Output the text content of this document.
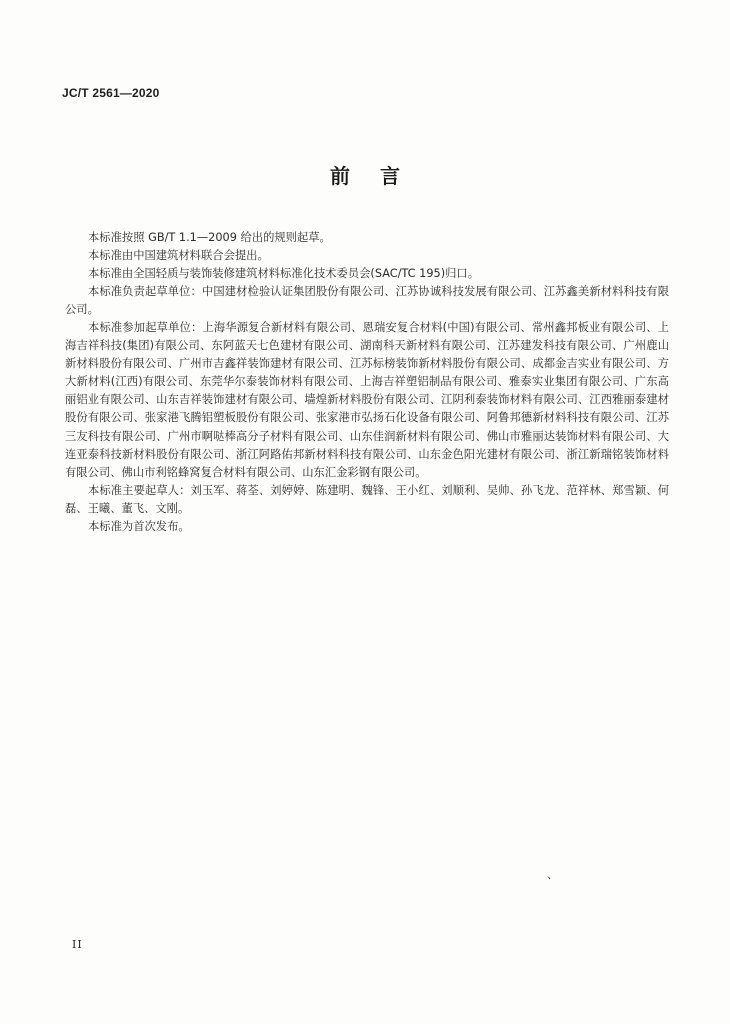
JC/T 2561—2020
前言

本标准按照 GB/T 1.1—2009 给出的规则起草。

本标准由中国建筑材料联合会提出。

本标准由全国轻质与装饰装修建筑材料标准化技术委员会(SAC/TC 195)归口。

本标准负责起草单位：中国建材检验认证集团股份有限公司、江苏协诚科技发展有限公司、江苏鑫美新材料科技有限公司。

本标准参加起草单位：上海华源复合新材料有限公司、恩瑞安复合材料(中国)有限公司、常州鑫邦板业有限公司、上海吉祥科技(集团)有限公司、东阿蓝天七色建材有限公司、湖南科天新材料有限公司、江苏建发科技有限公司、广州鹿山新材料股份有限公司、广州市吉鑫祥装饰建材有限公司、江苏标榜装饰新材料股份有限公司、成都金吉实业有限公司、方大新材料(江西)有限公司、东莞华尔泰装饰材料有限公司、上海吉祥塑铝制品有限公司、雅泰实业集团有限公司、广东高丽铝业有限公司、山东吉祥装饰建材有限公司、墙煌新材料股份有限公司、江阴利泰装饰材料有限公司、江西雅丽泰建材股份有限公司、张家港飞腾铝塑板股份有限公司、张家港市弘扬石化设备有限公司、阿鲁邦德新材料科技有限公司、江苏三友科技有限公司、广州市啊哒棒高分子材料有限公司、山东佳润新材料有限公司、佛山市雅丽达装饰材料有限公司、大连亚泰科技新材料股份有限公司、浙江阿路佑邦新材料科技有限公司、山东金色阳光建材有限公司、浙江新瑞铭装饰材料有限公司、佛山市利铭蜂窝复合材料有限公司、山东汇金彩钢有限公司。

本标准主要起草人：刘玉军、蒋荃、刘婷婷、陈建明、魏锋、王小红、刘顺利、吴帅、孙飞龙、范祥林、郑雪颖、何磊、王曦、董飞、文刚。

本标准为首次发布。

、
II
